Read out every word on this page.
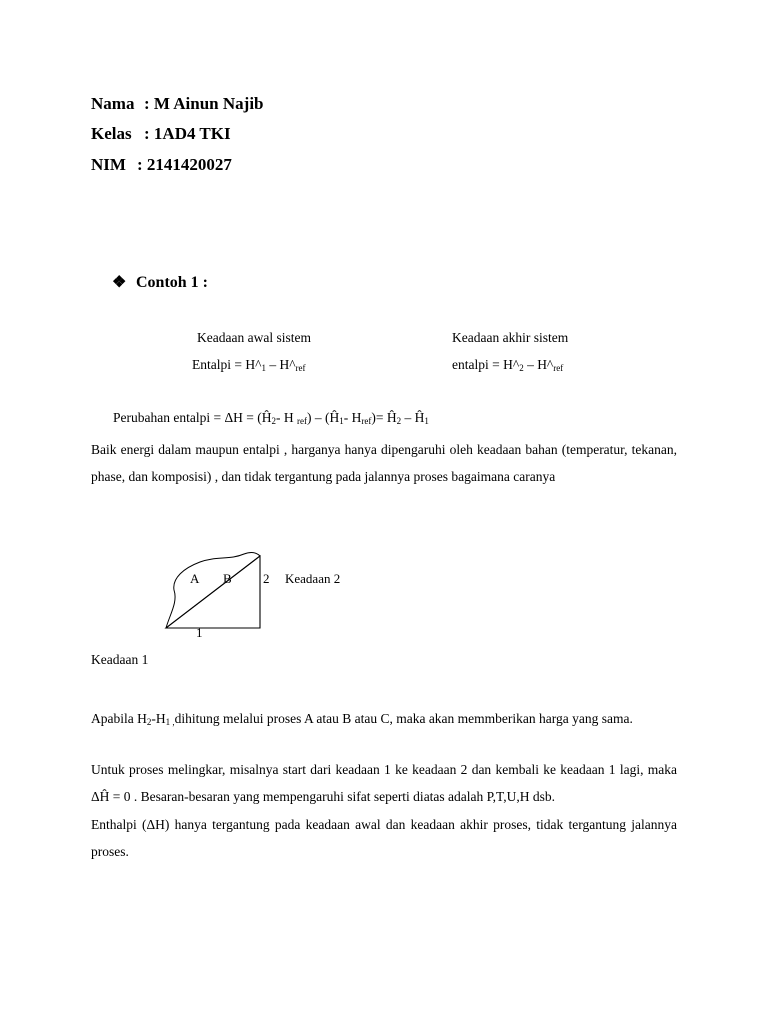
Nama : M Ainun Najib
Kelas : 1AD4 TKI
NIM : 2141420027
❖ Contoh 1 :
Keadaan awal sistem
Entalpi = $H\^{}_1$ – $H\^{}_{ref}$
Keadaan akhir sistem
entalpi = $H\^{}_2$ – $H\^{}_{ref}$
Perubahan entalpi = $\Delta H = (Ĥ_2-$ H $_{ref}) - (Ĥ_1-$ $H_{ref})=$ $Ĥ_2$ – $Ĥ_1$
Baik energi dalam maupun entalpi , harganya hanya dipengaruhi oleh keadaan bahan (temperatur, tekanan, phase, dan komposisi) , dan tidak tergantung pada jalannya proses bagaimana caranya
A B 2 Keadaan 2
1
Keadaan 1
Apabila $H_2-H_{1 ,}dihitung$ melalui proses A atau B atau C, maka akan memmberikan harga yang sama.
Untuk proses melingkar, misalnya start dari keadaan 1 ke keadaan 2 dan kembali ke keadaan 1 lagi, maka ΔĤ = 0 . Besaran-besaran yang mempengaruhi sifat seperti diatas adalah P,T,U,H dsb.
Enthalpi (ΔH) hanya tergantung pada keadaan awal dan keadaan akhir proses, tidak tergantung jalannya proses.
